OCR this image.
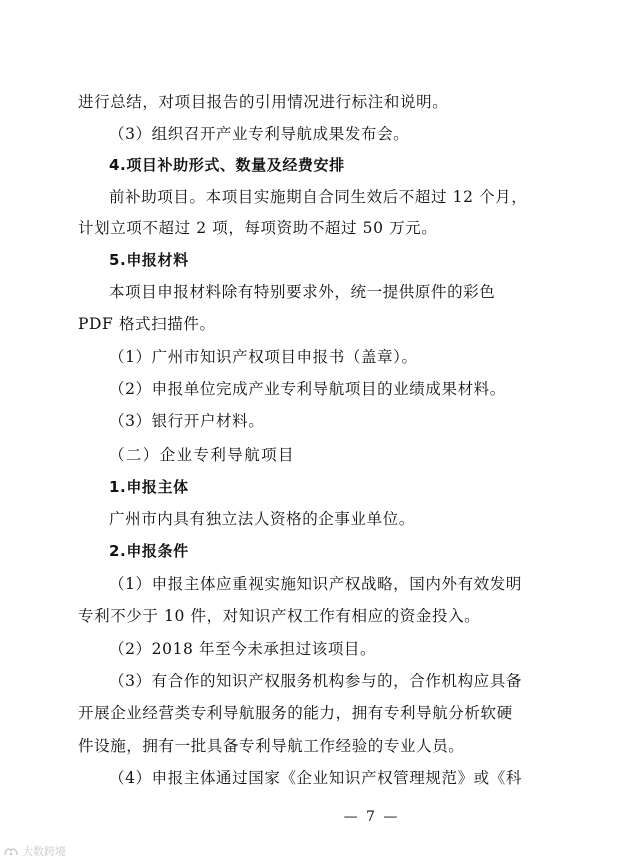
进行总结，对项目报告的引用情况进行标注和说明。
（3）组织召开产业专利导航成果发布会。
4.项目补助形式、数量及经费安排
前补助项目。本项目实施期自合同生效后不超过 12 个月，
计划立项不超过 2 项，每项资助不超过 50 万元。
5.申报材料
本项目申报材料除有特别要求外，统一提供原件的彩色
PDF 格式扫描件。
（1）广州市知识产权项目申报书（盖章）。
（2）申报单位完成产业专利导航项目的业绩成果材料。
（3）银行开户材料。
（二）企业专利导航项目
1.申报主体
广州市内具有独立法人资格的企事业单位。
2.申报条件
（1）申报主体应重视实施知识产权战略，国内外有效发明
专利不少于 10 件，对知识产权工作有相应的资金投入。
（2）2018 年至今未承担过该项目。
（3）有合作的知识产权服务机构参与的，合作机构应具备
开展企业经营类专利导航服务的能力，拥有专利导航分析软硬
件设施，拥有一批具备专利导航工作经验的专业人员。
（4）申报主体通过国家《企业知识产权管理规范》或《科
— 7 —
大数跨境
